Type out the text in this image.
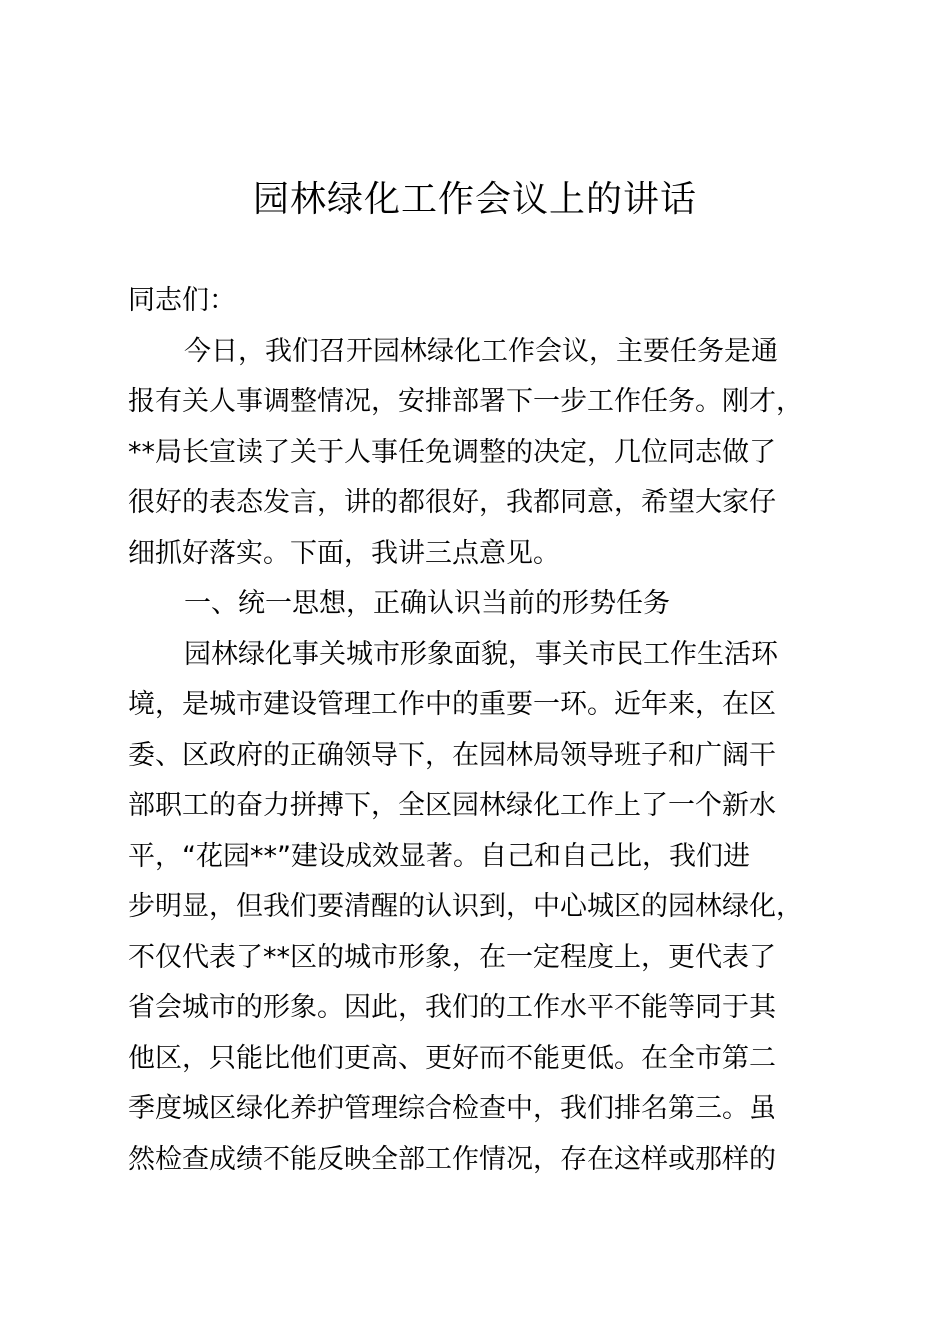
园林绿化工作会议上的讲话
同志们：
今日，我们召开园林绿化工作会议，主要任务是通
报有关人事调整情况，安排部署下一步工作任务。刚才，
**局长宣读了关于人事任免调整的决定，几位同志做了
很好的表态发言，讲的都很好，我都同意，希望大家仔
细抓好落实。下面，我讲三点意见。
一、统一思想，正确认识当前的形势任务
园林绿化事关城市形象面貌，事关市民工作生活环
境，是城市建设管理工作中的重要一环。近年来，在区
委、区政府的正确领导下，在园林局领导班子和广阔干
部职工的奋力拼搏下，全区园林绿化工作上了一个新水
平，“花园**”建设成效显著。自己和自己比，我们进
步明显，但我们要清醒的认识到，中心城区的园林绿化，
不仅代表了**区的城市形象，在一定程度上，更代表了
省会城市的形象。因此，我们的工作水平不能等同于其
他区，只能比他们更高、更好而不能更低。在全市第二
季度城区绿化养护管理综合检查中，我们排名第三。虽
然检查成绩不能反映全部工作情况，存在这样或那样的
